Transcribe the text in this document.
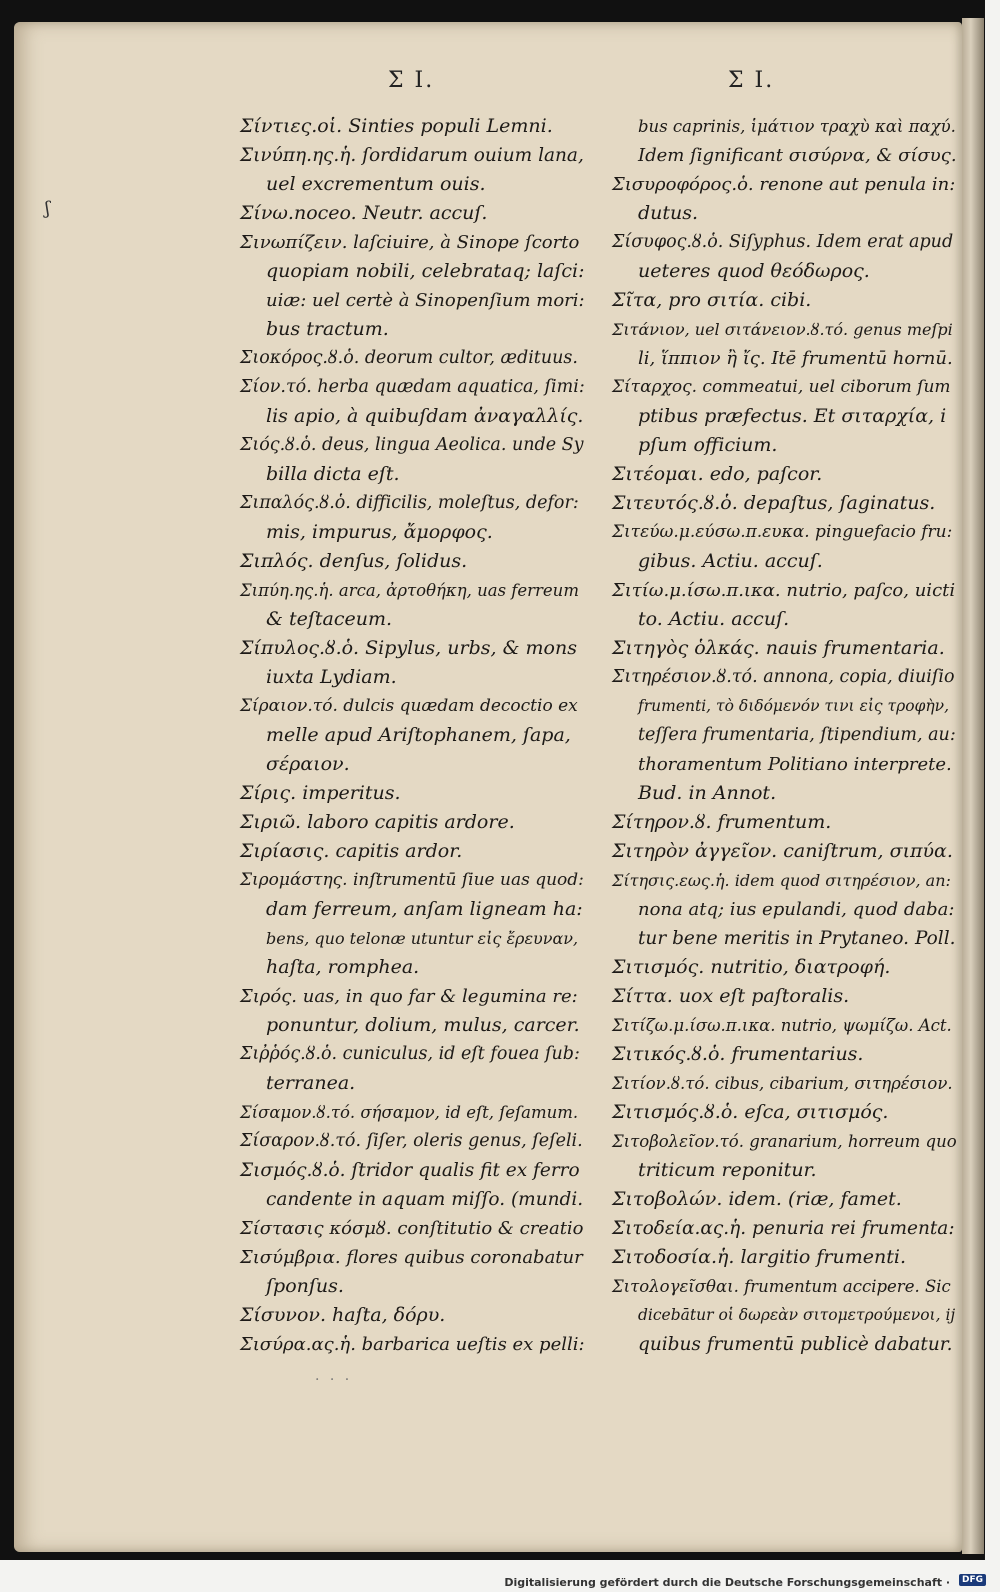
Σ Ι.	Σ Ι.
ʃ
Σίντιες.οἱ. Sinties populi Lemni.
Σινύπη.ης.ἡ. ſordidarum ouium lana,
uel excrementum ouis.
Σίνω.noceo. Neutr. accuſ.
Σινωπίζειν. laſciuire, à Sinope ſcorto
quopiam nobili, celebrataq; laſci:
uiæ: uel certè à Sinopenſium mori:
bus tractum.
Σιοκόρος.ȣ.ὁ. deorum cultor, ædituus.
Σίον.τό. herba quædam aquatica, ſimi:
lis apio, à quibuſdam ἀναγαλλίς.
Σιός.ȣ.ὁ. deus, lingua Aeolica. unde Sy
billa dicta eſt.
Σιπαλός.ȣ.ὁ. difficilis, moleſtus, defor:
mis, impurus, ἄμορφος.
Σιπλός. denſus, ſolidus.
Σιπύη.ης.ἡ. arca, ἀρτοθήκη, uas ferreum
& teſtaceum.
Σίπυλος.ȣ.ὁ. Sipylus, urbs, & mons
iuxta Lydiam.
Σίραιον.τό. dulcis quædam decoctio ex
melle apud Ariſtophanem, ſapa,
σέραιον.
Σίρις. imperitus.
Σιριῶ. laboro capitis ardore.
Σιρίασις. capitis ardor.
Σιρομάστης. inſtrumentū ſiue uas quod:
dam ferreum, anſam ligneam ha:
bens, quo telonæ utuntur εἰς ἔρευναν,
haſta, romphea.
Σιρός. uas, in quo far & legumina re:
ponuntur, dolium, mulus, carcer.
Σιῤῥός.ȣ.ὁ. cuniculus, id eſt fouea ſub:
terranea.
Σίσαμον.ȣ.τό. σήσαμον, id eſt, ſeſamum.
Σίσαρον.ȣ.τό. ſiſer, oleris genus, ſeſeli.
Σισμός.ȣ.ὁ. ſtridor qualis fit ex ferro
candente in aquam miſſo. (mundi.
Σίστασις κόσμȣ. conſtitutio & creatio
Σισύμβρια. flores quibus coronabatur
ſponſus.
Σίσυνον. haſta, δόρυ.
Σισύρα.ας.ἡ. barbarica ueſtis ex pelli:
bus caprinis, ἱμάτιον τραχὺ καὶ παχύ.
Idem ſignificant σισύρνα, & σίσυς.
Σισυροφόρος.ὁ. renone aut penula in:
dutus.
Σίσυφος.ȣ.ὁ. Siſyphus. Idem erat apud
ueteres quod θεόδωρος.
Σῖτα, pro σιτία. cibi.
Σιτάνιον, uel σιτάνειον.ȣ.τό. genus meſpi
li, ἵππιον ἢ ἴς. Itē frumentū hornū.
Σίταρχος. commeatui, uel ciborum ſum
ptibus præfectus. Et σιταρχία, i
pſum officium.
Σιτέομαι. edo, paſcor.
Σιτευτός.ȣ.ὁ. depaſtus, ſaginatus.
Σιτεύω.μ.εύσω.π.ευκα. pinguefacio fru:
gibus. Actiu. accuſ.
Σιτίω.μ.ίσω.π.ικα. nutrio, paſco, uicti
to. Actiu. accuſ.
Σιτηγὸς ὁλκάς. nauis frumentaria.
Σιτηρέσιον.ȣ.τό. annona, copia, diuiſio
frumenti, τὸ διδόμενόν τινι εἰς τροφὴν,
teſſera frumentaria, ſtipendium, au:
thoramentum Politiano interprete.
Bud. in Annot.
Σίτηρον.ȣ. frumentum.
Σιτηρὸν ἀγγεῖον. caniſtrum, σιπύα.
Σίτησις.εως.ἡ. idem quod σιτηρέσιον, an:
nona atq; ius epulandi, quod daba:
tur bene meritis in Prytaneo. Poll.
Σιτισμός. nutritio, διατροφή.
Σίττα. uox eſt paſtoralis.
Σιτίζω.μ.ίσω.π.ικα. nutrio, ψωμίζω. Act.
Σιτικός.ȣ.ὁ. frumentarius.
Σιτίον.ȣ.τό. cibus, cibarium, σιτηρέσιον.
Σιτισμός.ȣ.ὁ. eſca, σιτισμός.
Σιτοβολεῖον.τό. granarium, horreum quo
triticum reponitur.
Σιτοβολών. idem. (riæ, famet.
Σιτοδεία.ας.ἡ. penuria rei frumenta:
Σιτοδοσία.ἡ. largitio frumenti.
Σιτολογεῖσθαι. frumentum accipere. Sic
dicebātur οἱ δωρεὰν σιτομετρούμενοι, ij
quibus frumentū publicè dabatur.
· · ·
Digitalisierung gefördert durch die Deutsche Forschungsgemeinschaft ·	DFG
